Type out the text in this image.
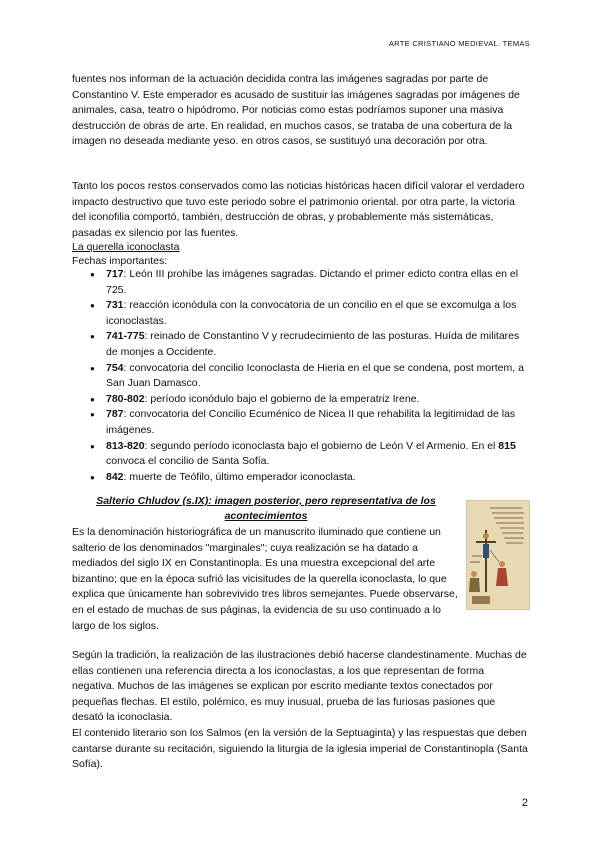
ARTE CRISTIANO MEDIEVAL. TEMAS

fuentes nos informan de la actuación decidida contra las imágenes sagradas por parte de Constantino V. Este emperador es acusado de sustituir las imágenes sagradas por imágenes de animales, casa, teatro o hipódromo. Por noticias como estas podríamos suponer una masiva destrucción de obras de arte. En realidad, en muchos casos, se trataba de una cobertura de la imagen no deseada mediante yeso. en otros casos, se sustituyó una decoración por otra.

Tanto los pocos restos conservados como las noticias históricas hacen difícil valorar el verdadero impacto destructivo que tuvo este periodo sobre el patrimonio oriental. por otra parte, la victoria del iconofilia comportó, también, destrucción de obras, y probablemente más sistemáticas, pasadas ex silencio por las fuentes.

La querella iconoclasta
Fechas importantes:
● 717: León III prohíbe las imágenes sagradas. Dictando el primer edicto contra ellas en el 725.
● 731: reacción iconódula con la convocatoria de un concilio en el que se excomulga a los iconoclastas.
● 741-775: reinado de Constantino V y recrudecimiento de las posturas. Huída de militares de monjes a Occidente.
● 754: convocatoria del concilio Iconoclasta de Hieria en el que se condena, post mortem, a San Juan Damasco.
● 780-802: período iconódulo bajo el gobierno de la emperatriz Irene.
● 787: convocatoria del Concilio Ecuménico de Nicea II que rehabilita la legitimidad de las imágenes.
● 813-820: segundo período iconoclasta bajo el gobierno de León V el Armenio. En el 815 convoca el concilio de Santa Sofía.
● 842: muerte de Teófilo, último emperador iconoclasta.
Salterio Chludov (s.IX): imagen posterior, pero representativa de los acontecimientos

Es la denominación historiográfica de un manuscrito iluminado que contiene un salterio de los denominados "marginales"; cuya realización se ha datado a mediados del siglo IX en Constantinopla. Es una muestra excepcional del arte bizantino; que en la época sufrió las vicisitudes de la querella iconoclasta, lo que explica que únicamente han sobrevivido tres libros semejantes. Puede observarse, en el estado de muchas de sus páginas, la evidencia de su uso continuado a lo largo de los siglos.

Según la tradición, la realización de las ilustraciones debió hacerse clandestinamente. Muchas de ellas contienen una referencia directa a los iconoclastas, a los que representan de forma negativa. Muchos de las imágenes se explican por escrito mediante textos conectados por pequeñas flechas. El estilo, polémico, es muy inusual, prueba de las furiosas pasiones que desató la iconoclasia.

El contenido literario son los Salmos (en la versión de la Septuaginta) y las respuestas que deben cantarse durante su recitación, siguiendo la liturgia de la iglesia imperial de Constantinopla (Santa Sofía).

2
